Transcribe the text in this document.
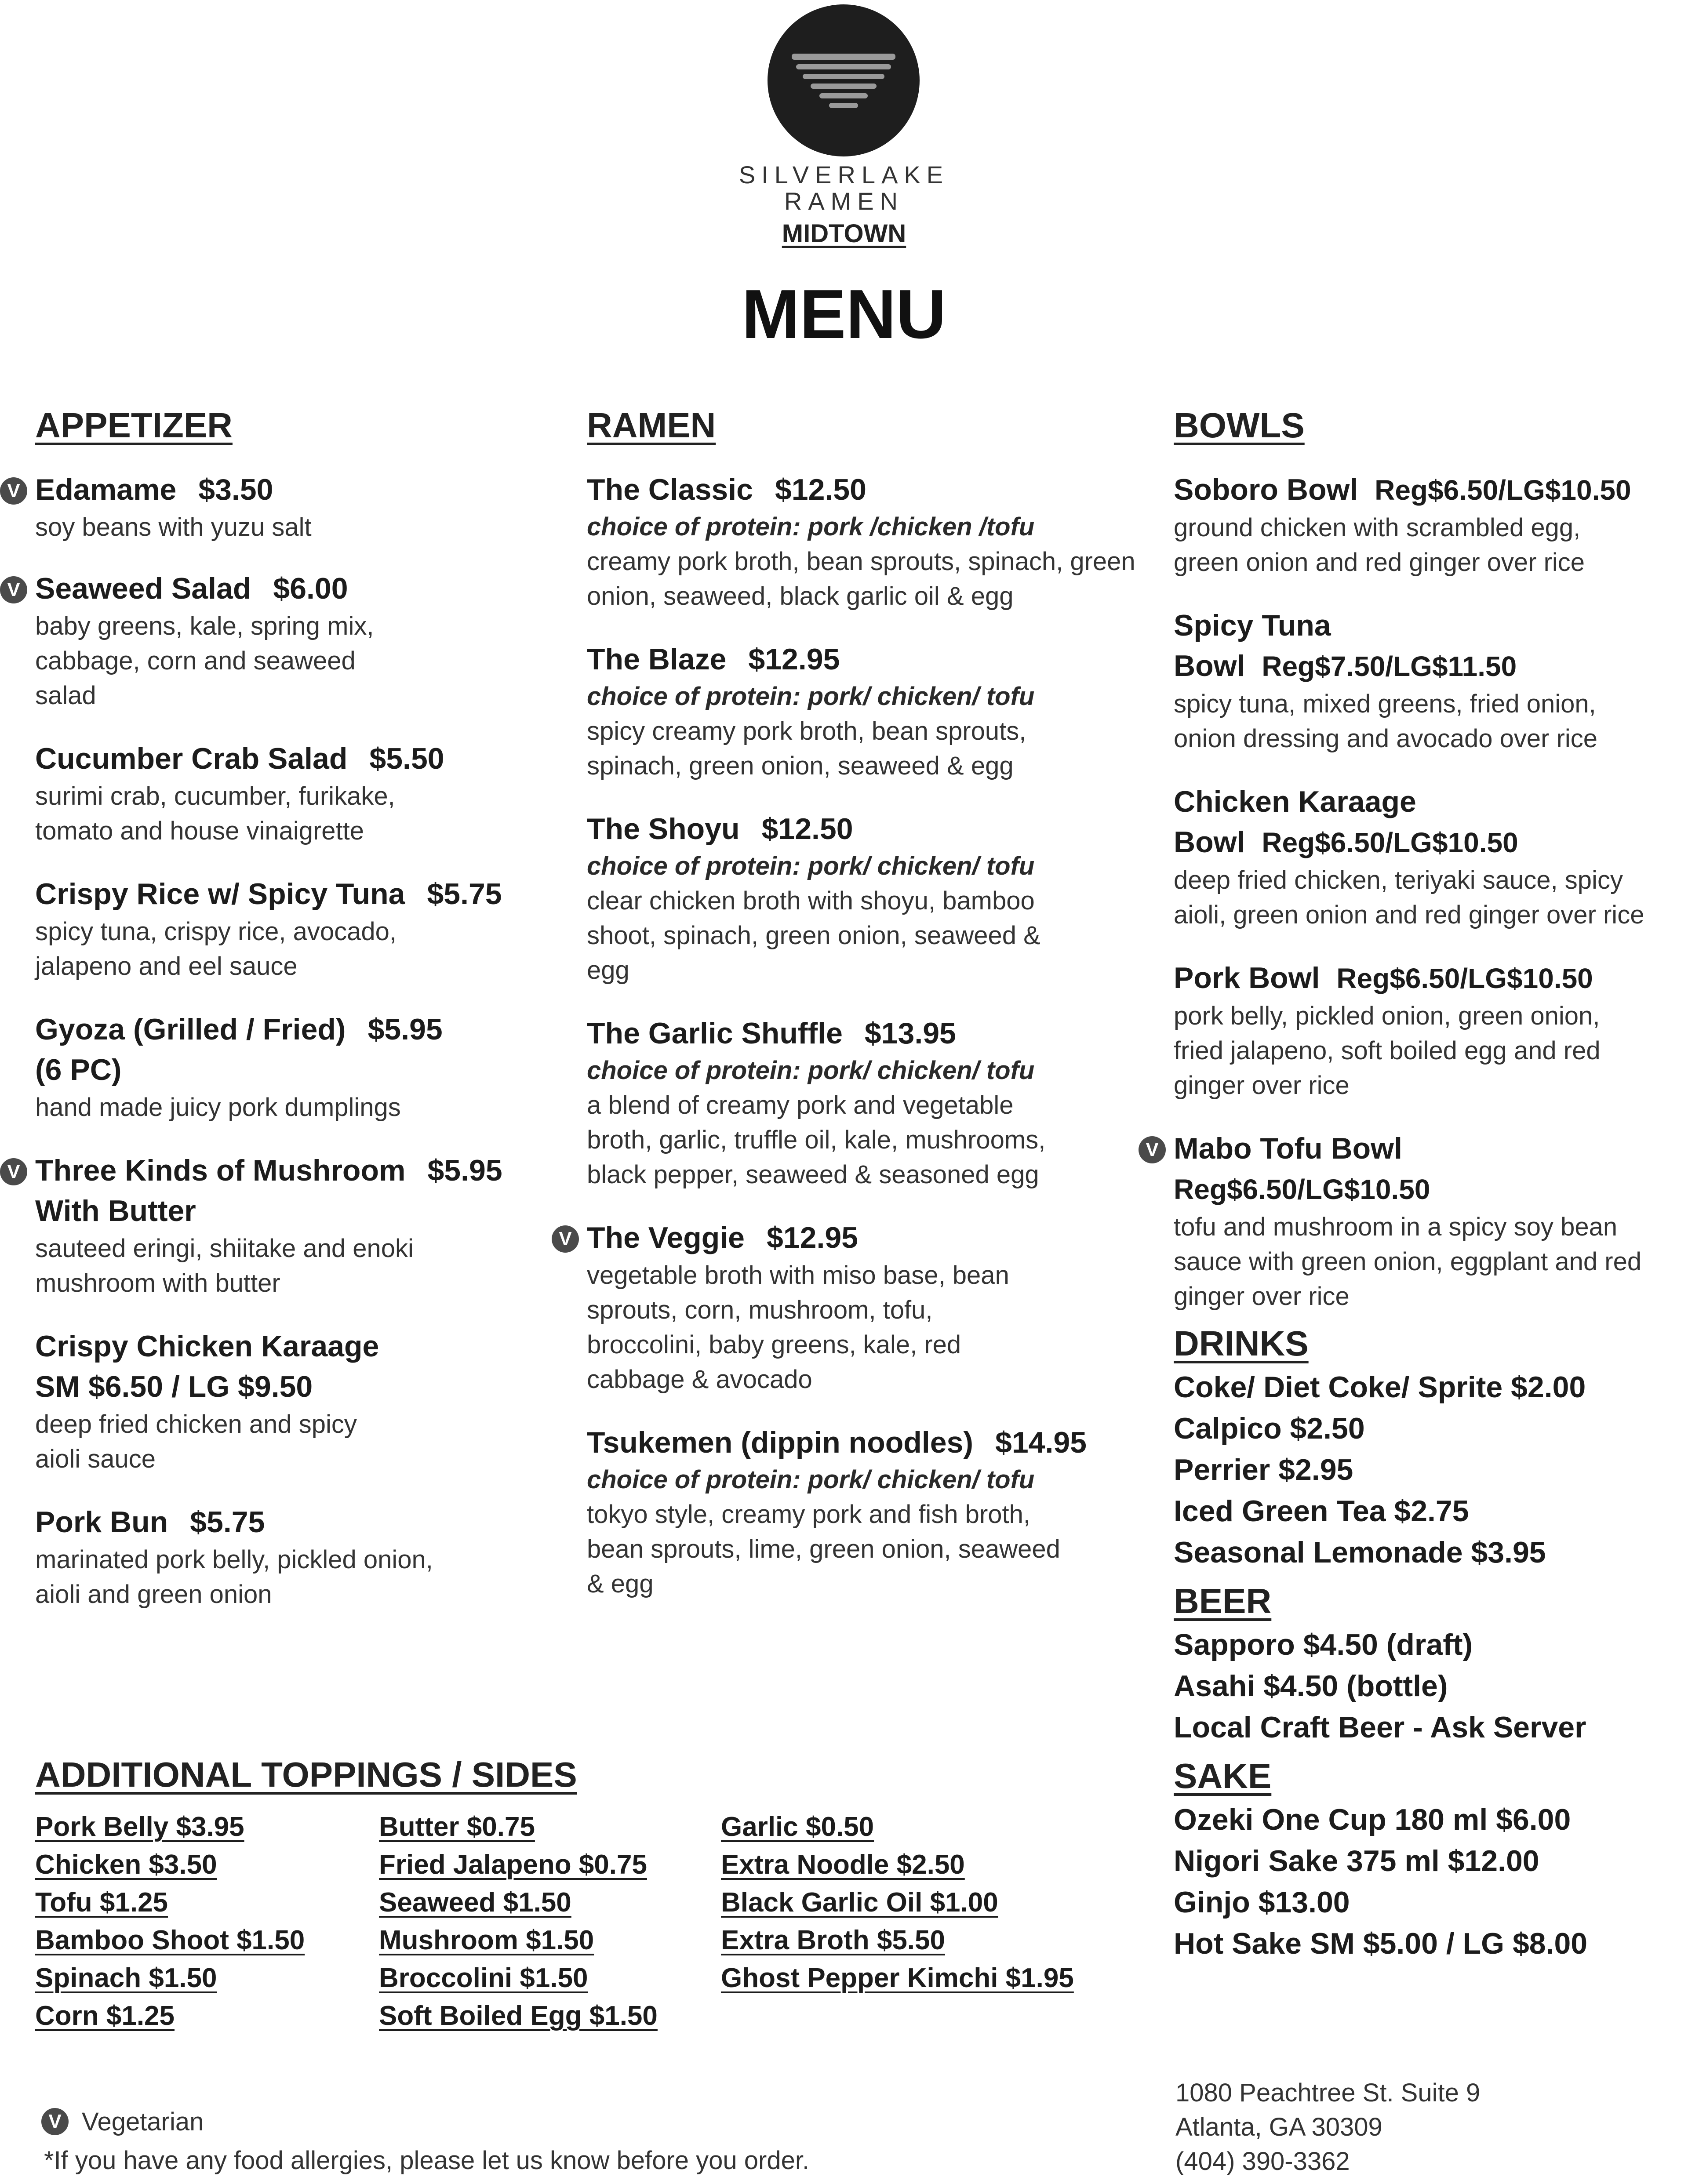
SILVERLAKE
RAMEN
MIDTOWN
MENU
APPETIZER
V Edamame $3.50
soy beans with yuzu salt
V Seaweed Salad $6.00
baby greens, kale, spring mix, cabbage, corn and seaweed salad
Cucumber Crab Salad $5.50
surimi crab, cucumber, furikake, tomato and house vinaigrette
Crispy Rice w/ Spicy Tuna $5.75
spicy tuna, crispy rice, avocado, jalapeno and eel sauce
Gyoza (Grilled / Fried) $5.95
(6 PC)
hand made juicy pork dumplings
V Three Kinds of Mushroom $5.95
With Butter
sauteed eringi, shiitake and enoki mushroom with butter
Crispy Chicken Karaage
SM $6.50 / LG $9.50
deep fried chicken and spicy aioli sauce
Pork Bun $5.75
marinated pork belly, pickled onion, aioli and green onion
RAMEN
The Classic $12.50
choice of protein: pork /chicken /tofu
creamy pork broth, bean sprouts, spinach, green onion, seaweed, black garlic oil & egg
The Blaze $12.95
choice of protein: pork/ chicken/ tofu
spicy creamy pork broth, bean sprouts, spinach, green onion, seaweed & egg
The Shoyu $12.50
choice of protein: pork/ chicken/ tofu
clear chicken broth with shoyu, bamboo shoot, spinach, green onion, seaweed & egg
The Garlic Shuffle $13.95
choice of protein: pork/ chicken/ tofu
a blend of creamy pork and vegetable broth, garlic, truffle oil, kale, mushrooms, black pepper, seaweed & seasoned egg
V The Veggie $12.95
vegetable broth with miso base, bean sprouts, corn, mushroom, tofu, broccolini, baby greens, kale, red cabbage & avocado
Tsukemen (dippin noodles) $14.95
choice of protein: pork/ chicken/ tofu
tokyo style, creamy pork and fish broth, bean sprouts, lime, green onion, seaweed & egg
BOWLS
Soboro Bowl Reg$6.50/LG$10.50
ground chicken with scrambled egg, green onion and red ginger over rice
Spicy Tuna
Bowl Reg$7.50/LG$11.50
spicy tuna, mixed greens, fried onion, onion dressing and avocado over rice
Chicken Karaage
Bowl Reg$6.50/LG$10.50
deep fried chicken, teriyaki sauce, spicy aioli, green onion and red ginger over rice
Pork Bowl Reg$6.50/LG$10.50
pork belly, pickled onion, green onion, fried jalapeno, soft boiled egg and red ginger over rice
V Mabo Tofu Bowl
Reg$6.50/LG$10.50
tofu and mushroom in a spicy soy bean sauce with green onion, eggplant and red ginger over rice
DRINKS
Coke/ Diet Coke/ Sprite $2.00
Calpico $2.50
Perrier $2.95
Iced Green Tea $2.75
Seasonal Lemonade $3.95
BEER
Sapporo $4.50 (draft)
Asahi $4.50 (bottle)
Local Craft Beer - Ask Server
SAKE
Ozeki One Cup 180 ml $6.00
Nigori Sake 375 ml $12.00
Ginjo $13.00
Hot Sake SM $5.00 / LG $8.00
ADDITIONAL TOPPINGS / SIDES
Pork Belly $3.95
Chicken $3.50
Tofu $1.25
Bamboo Shoot $1.50
Spinach $1.50
Corn $1.25
Butter $0.75
Fried Jalapeno $0.75
Seaweed $1.50
Mushroom $1.50
Broccolini $1.50
Soft Boiled Egg $1.50
Garlic $0.50
Extra Noodle $2.50
Black Garlic Oil $1.00
Extra Broth $5.50
Ghost Pepper Kimchi $1.95
V Vegetarian
*If you have any food allergies, please let us know before you order.
1080 Peachtree St. Suite 9
Atlanta, GA 30309
(404) 390-3362
